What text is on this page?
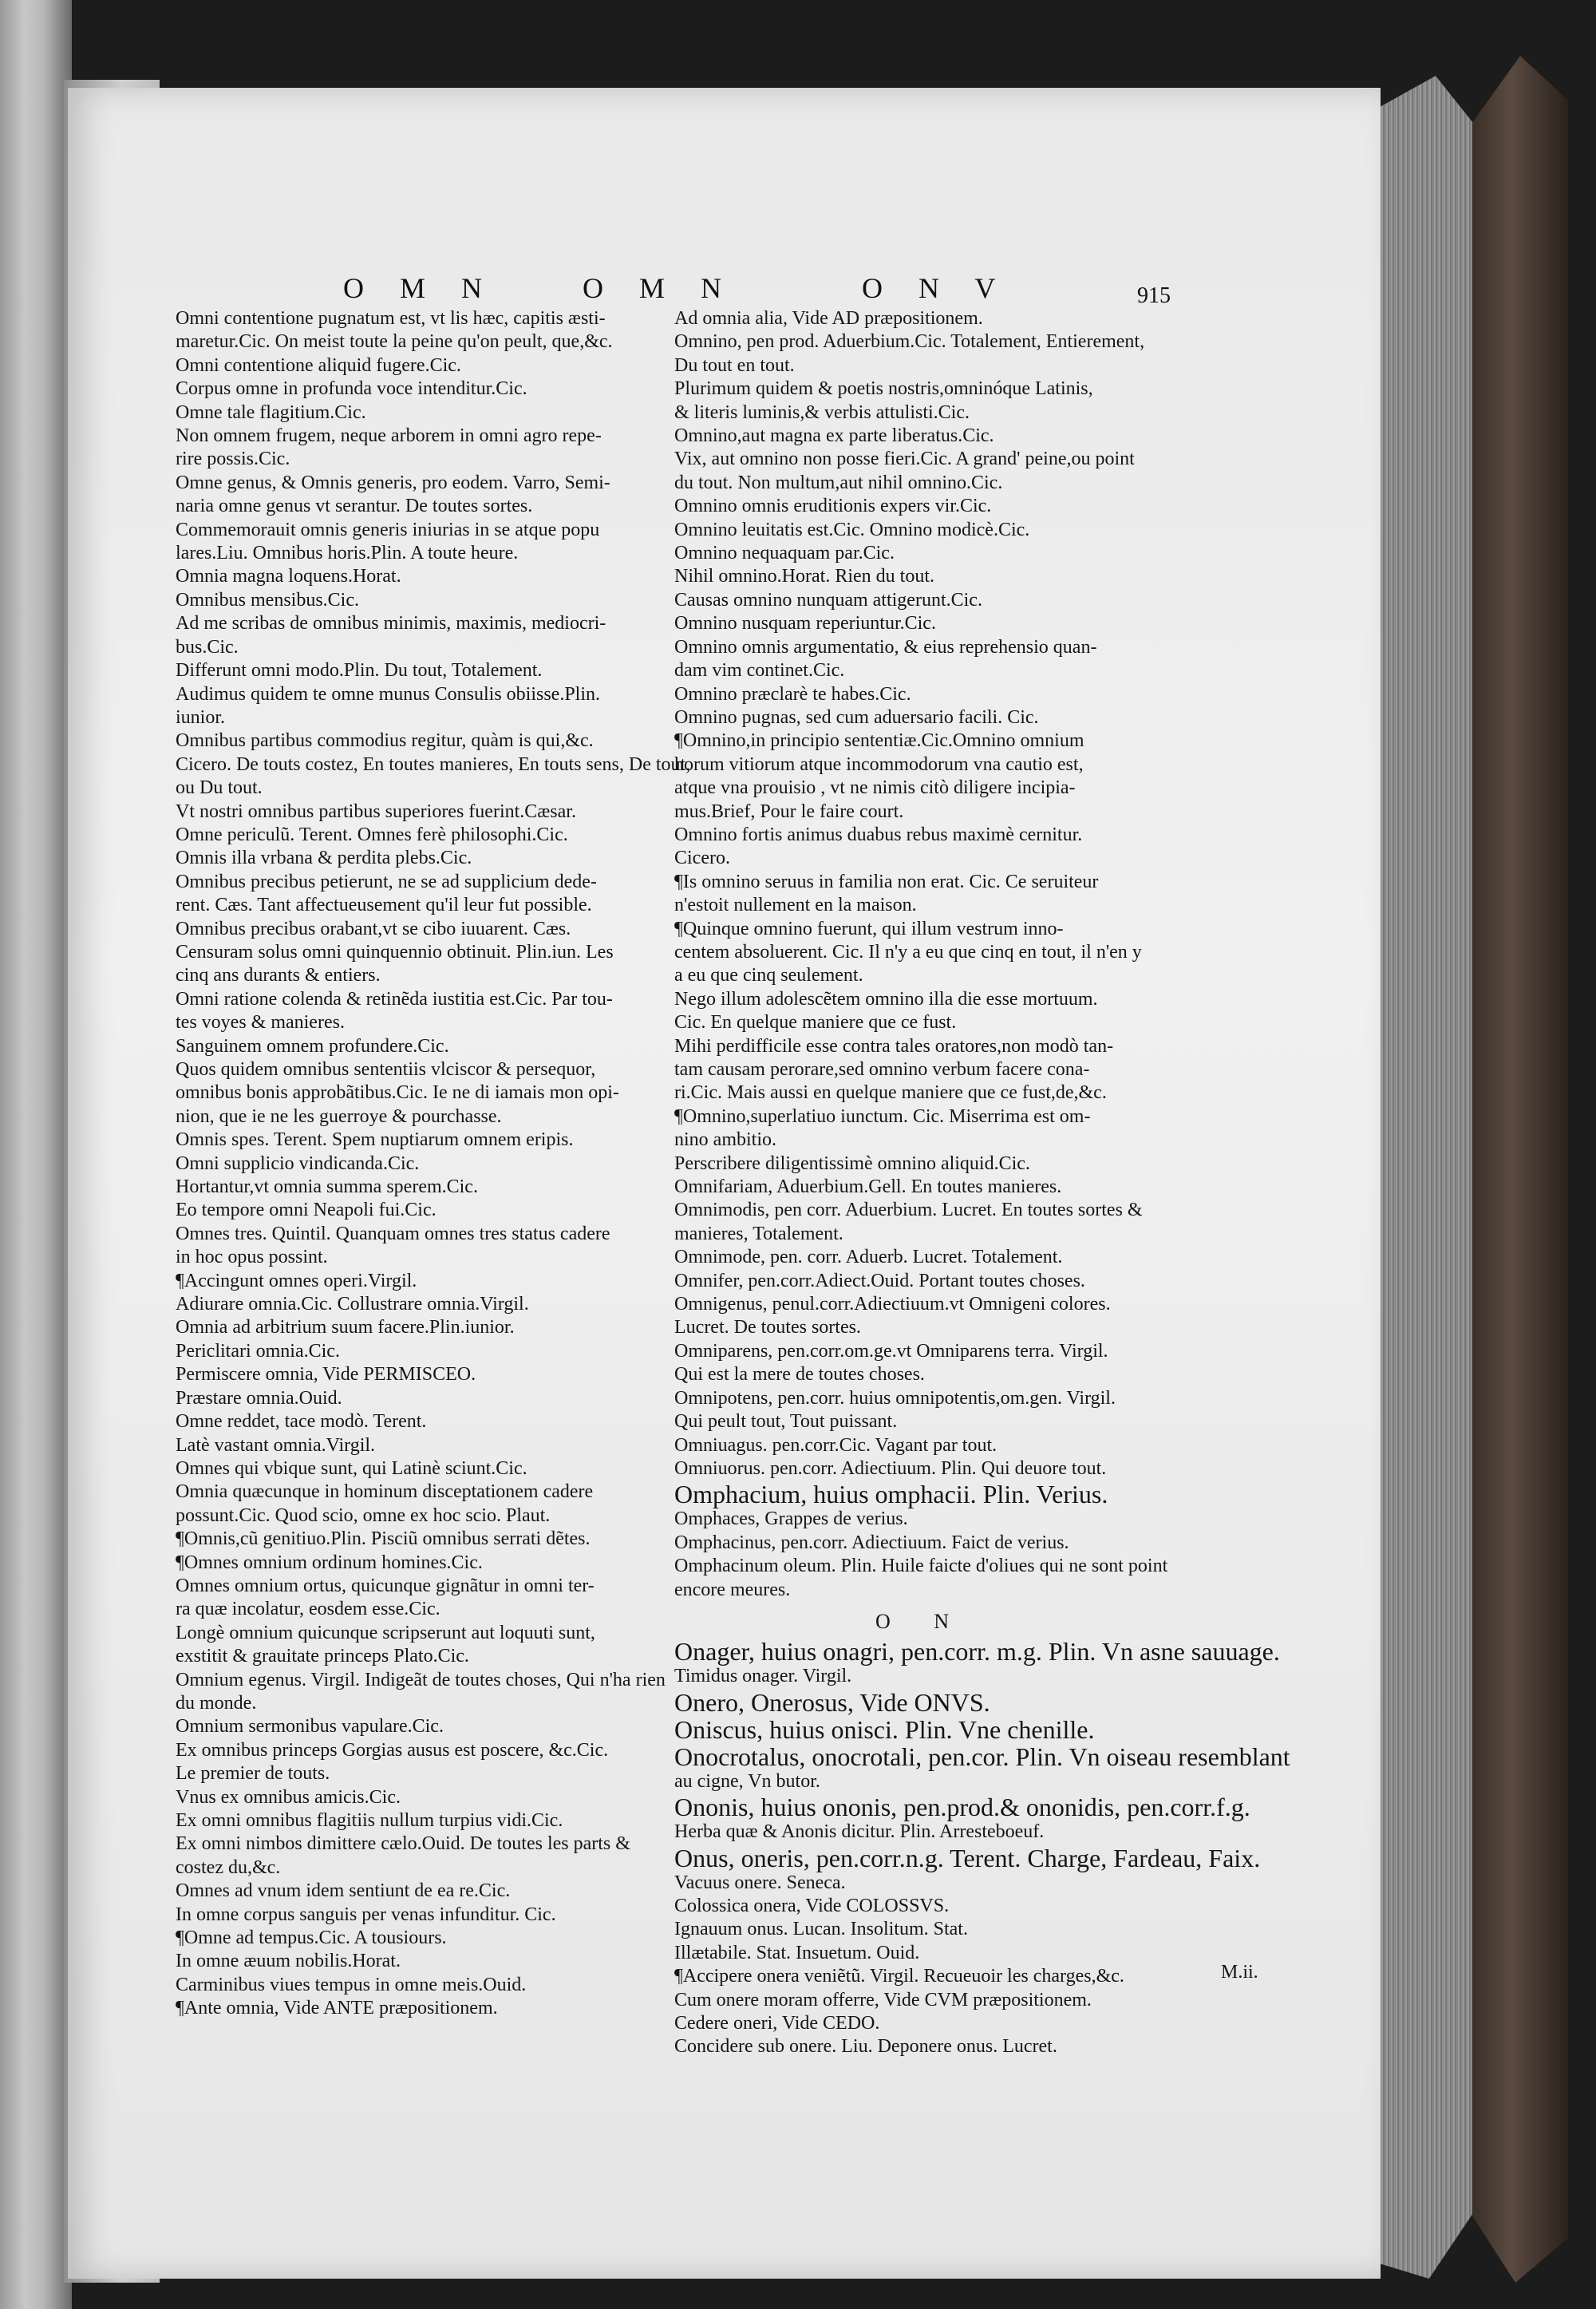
O M N	O M N	O N V	915
Omni contentione pugnatum est, vt lis hæc, capitis æsti-
maretur.Cic. On meist toute la peine qu'on peult, que,&c.
Omni contentione aliquid fugere.Cic.
Corpus omne in profunda voce intenditur.Cic.
Omne tale flagitium.Cic.
Non omnem frugem, neque arborem in omni agro repe-
rire possis.Cic.
Omne genus, & Omnis generis, pro eodem. Varro, Semi-
naria omne genus vt serantur. De toutes sortes.
Commemorauit omnis generis iniurias in se atque popu
lares.Liu. Omnibus horis.Plin. A toute heure.
Omnia magna loquens.Horat.
Omnibus mensibus.Cic.
Ad me scribas de omnibus minimis, maximis, mediocri-
bus.Cic.
Differunt omni modo.Plin. Du tout, Totalement.
Audimus quidem te omne munus Consulis obiisse.Plin.
iunior.
Omnibus partibus commodius regitur, quàm is qui,&c.
Cicero. De touts costez, En toutes manieres, En touts sens, De tout,
ou Du tout.
Vt nostri omnibus partibus superiores fuerint.Cæsar.
Omne periculũ. Terent. Omnes ferè philosophi.Cic.
Omnis illa vrbana & perdita plebs.Cic.
Omnibus precibus petierunt, ne se ad supplicium dede-
rent. Cæs. Tant affectueusement qu'il leur fut possible.
Omnibus precibus orabant,vt se cibo iuuarent. Cæs.
Censuram solus omni quinquennio obtinuit. Plin.iun. Les
cinq ans durants & entiers.
Omni ratione colenda & retinẽda iustitia est.Cic. Par tou-
tes voyes & manieres.
Sanguinem omnem profundere.Cic.
Quos quidem omnibus sententiis vlciscor & persequor,
omnibus bonis approbãtibus.Cic. Ie ne di iamais mon opi-
nion, que ie ne les guerroye & pourchasse.
Omnis spes. Terent. Spem nuptiarum omnem eripis.
Omni supplicio vindicanda.Cic.
Hortantur,vt omnia summa sperem.Cic.
Eo tempore omni Neapoli fui.Cic.
Omnes tres. Quintil. Quanquam omnes tres status cadere
in hoc opus possint.
¶Accingunt omnes operi.Virgil.
Adiurare omnia.Cic. Collustrare omnia.Virgil.
Omnia ad arbitrium suum facere.Plin.iunior.
Periclitari omnia.Cic.
Permiscere omnia, Vide PERMISCEO.
Præstare omnia.Ouid.
Omne reddet, tace modò. Terent.
Latè vastant omnia.Virgil.
Omnes qui vbique sunt, qui Latinè sciunt.Cic.
Omnia quæcunque in hominum disceptationem cadere
possunt.Cic. Quod scio, omne ex hoc scio. Plaut.
¶Omnis,cũ genitiuo.Plin. Pisciũ omnibus serrati dẽtes.
¶Omnes omnium ordinum homines.Cic.
Omnes omnium ortus, quicunque gignãtur in omni ter-
ra quæ incolatur, eosdem esse.Cic.
Longè omnium quicunque scripserunt aut loquuti sunt,
exstitit & grauitate princeps Plato.Cic.
Omnium egenus. Virgil. Indigeãt de toutes choses, Qui n'ha rien
du monde.
Omnium sermonibus vapulare.Cic.
Ex omnibus princeps Gorgias ausus est poscere, &c.Cic.
Le premier de touts.
Vnus ex omnibus amicis.Cic.
Ex omni omnibus flagitiis nullum turpius vidi.Cic.
Ex omni nimbos dimittere cælo.Ouid. De toutes les parts &
costez du,&c.
Omnes ad vnum idem sentiunt de ea re.Cic.
In omne corpus sanguis per venas infunditur. Cic.
¶Omne ad tempus.Cic. A tousiours.
In omne æuum nobilis.Horat.
Carminibus viues tempus in omne meis.Ouid.
¶Ante omnia, Vide ANTE præpositionem.
Ad omnia alia, Vide AD præpositionem.
Omnino, pen prod. Aduerbium.Cic. Totalement, Entierement,
Du tout en tout.
Plurimum quidem & poetis nostris,omninóque Latinis,
& literis luminis,& verbis attulisti.Cic.
Omnino,aut magna ex parte liberatus.Cic.
Vix, aut omnino non posse fieri.Cic. A grand' peine,ou point
du tout. Non multum,aut nihil omnino.Cic.
Omnino omnis eruditionis expers vir.Cic.
Omnino leuitatis est.Cic. Omnino modicè.Cic.
Omnino nequaquam par.Cic.
Nihil omnino.Horat. Rien du tout.
Causas omnino nunquam attigerunt.Cic.
Omnino nusquam reperiuntur.Cic.
Omnino omnis argumentatio, & eius reprehensio quan-
dam vim continet.Cic.
Omnino præclarè te habes.Cic.
Omnino pugnas, sed cum aduersario facili. Cic.
¶Omnino,in principio sententiæ.Cic.Omnino omnium
horum vitiorum atque incommodorum vna cautio est,
atque vna prouisio , vt ne nimis citò diligere incipia-
mus.Brief, Pour le faire court.
Omnino fortis animus duabus rebus maximè cernitur.
Cicero.
¶Is omnino seruus in familia non erat. Cic. Ce seruiteur
n'estoit nullement en la maison.
¶Quinque omnino fuerunt, qui illum vestrum inno-
centem absoluerent. Cic. Il n'y a eu que cinq en tout, il n'en y
a eu que cinq seulement.
Nego illum adolescẽtem omnino illa die esse mortuum.
Cic. En quelque maniere que ce fust.
Mihi perdifficile esse contra tales oratores,non modò tan-
tam causam perorare,sed omnino verbum facere cona-
ri.Cic. Mais aussi en quelque maniere que ce fust,de,&c.
¶Omnino,superlatiuo iunctum. Cic. Miserrima est om-
nino ambitio.
Perscribere diligentissimè omnino aliquid.Cic.
Omnifariam, Aduerbium.Gell. En toutes manieres.
Omnimodis, pen corr. Aduerbium. Lucret. En toutes sortes &
manieres, Totalement.
Omnimode, pen. corr. Aduerb. Lucret. Totalement.
Omnifer, pen.corr.Adiect.Ouid. Portant toutes choses.
Omnigenus, penul.corr.Adiectiuum.vt Omnigeni colores.
Lucret. De toutes sortes.
Omniparens, pen.corr.om.ge.vt Omniparens terra. Virgil.
Qui est la mere de toutes choses.
Omnipotens, pen.corr. huius omnipotentis,om.gen. Virgil.
Qui peult tout, Tout puissant.
Omniuagus. pen.corr.Cic. Vagant par tout.
Omniuorus. pen.corr. Adiectiuum. Plin. Qui deuore tout.
Omphacium, huius omphacii. Plin. Verius.
Omphaces, Grappes de verius.
Omphacinus, pen.corr. Adiectiuum. Faict de verius.
Omphacinum oleum. Plin. Huile faicte d'oliues qui ne sont point
encore meures.
O N
Onager, huius onagri, pen.corr. m.g. Plin. Vn asne sauuage.
Timidus onager. Virgil.
Onero, Onerosus, Vide ONVS.
Oniscus, huius onisci. Plin. Vne chenille.
Onocrotalus, onocrotali, pen.cor. Plin. Vn oiseau resemblant
au cigne, Vn butor.
Ononis, huius ononis, pen.prod.& ononidis, pen.corr.f.g.
Herba quæ & Anonis dicitur. Plin. Arresteboeuf.
Onus, oneris, pen.corr.n.g. Terent. Charge, Fardeau, Faix.
Vacuus onere. Seneca.
Colossica onera, Vide COLOSSVS.
Ignauum onus. Lucan. Insolitum. Stat.
Illætabile. Stat. Insuetum. Ouid.
¶Accipere onera veniẽtũ. Virgil. Recueuoir les charges,&c.
Cum onere moram offerre, Vide CVM præpositionem.
Cedere oneri, Vide CEDO.
Concidere sub onere. Liu. Deponere onus. Lucret.
M.ii.
